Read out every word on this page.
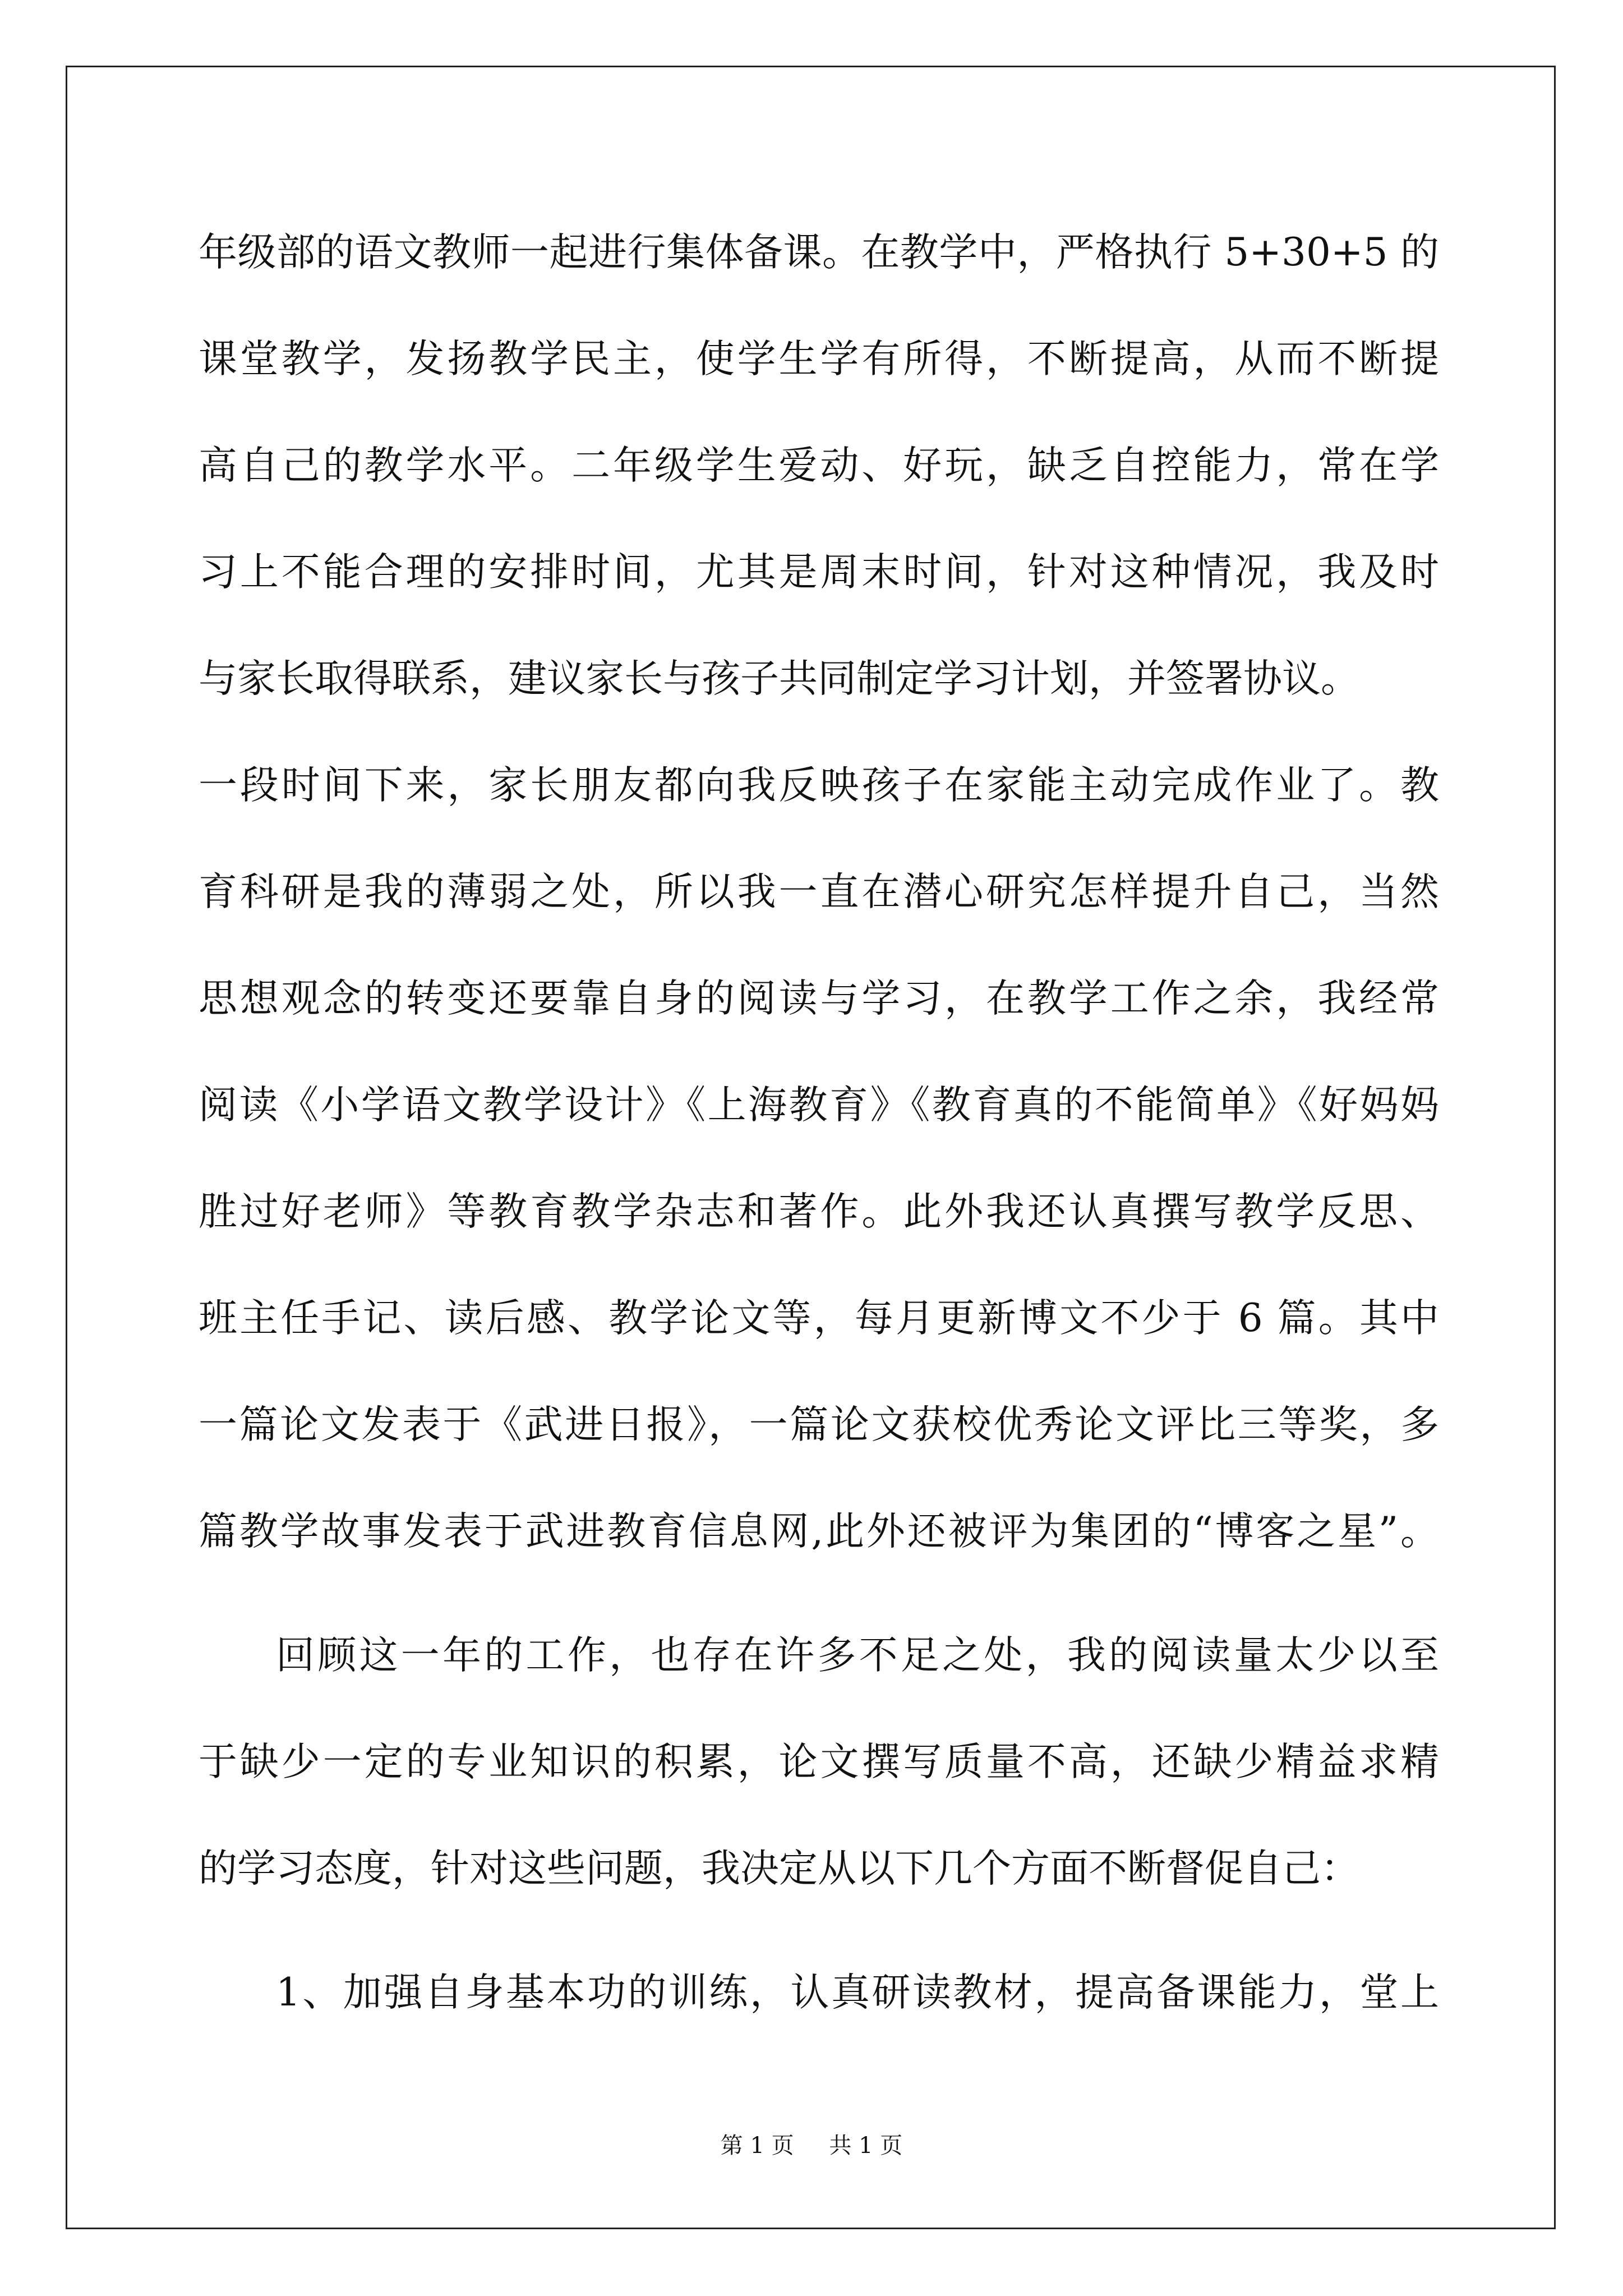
年级部的语文教师一起进行集体备课。在教学中，严格执行 5+30+5 的
课堂教学，发扬教学民主，使学生学有所得，不断提高，从而不断提
高自己的教学水平。二年级学生爱动、好玩，缺乏自控能力，常在学
习上不能合理的安排时间，尤其是周末时间，针对这种情况，我及时
与家长取得联系，建议家长与孩子共同制定学习计划，并签署协议。
一段时间下来，家长朋友都向我反映孩子在家能主动完成作业了。教
育科研是我的薄弱之处，所以我一直在潜心研究怎样提升自己，当然
思想观念的转变还要靠自身的阅读与学习，在教学工作之余，我经常
阅读《小学语文教学设计》《上海教育》《教育真的不能简单》《好妈妈
胜过好老师》等教育教学杂志和著作。此外我还认真撰写教学反思、
班主任手记、读后感、教学论文等，每月更新博文不少于 6 篇。其中
一篇论文发表于《武进日报》，一篇论文获校优秀论文评比三等奖，多
篇教学故事发表于武进教育信息网,此外还被评为集团的“博客之星”。
回顾这一年的工作，也存在许多不足之处，我的阅读量太少以至
于缺少一定的专业知识的积累，论文撰写质量不高，还缺少精益求精
的学习态度，针对这些问题，我决定从以下几个方面不断督促自己：
1、加强自身基本功的训练，认真研读教材，提高备课能力，堂上
第 1 页 共 1 页
